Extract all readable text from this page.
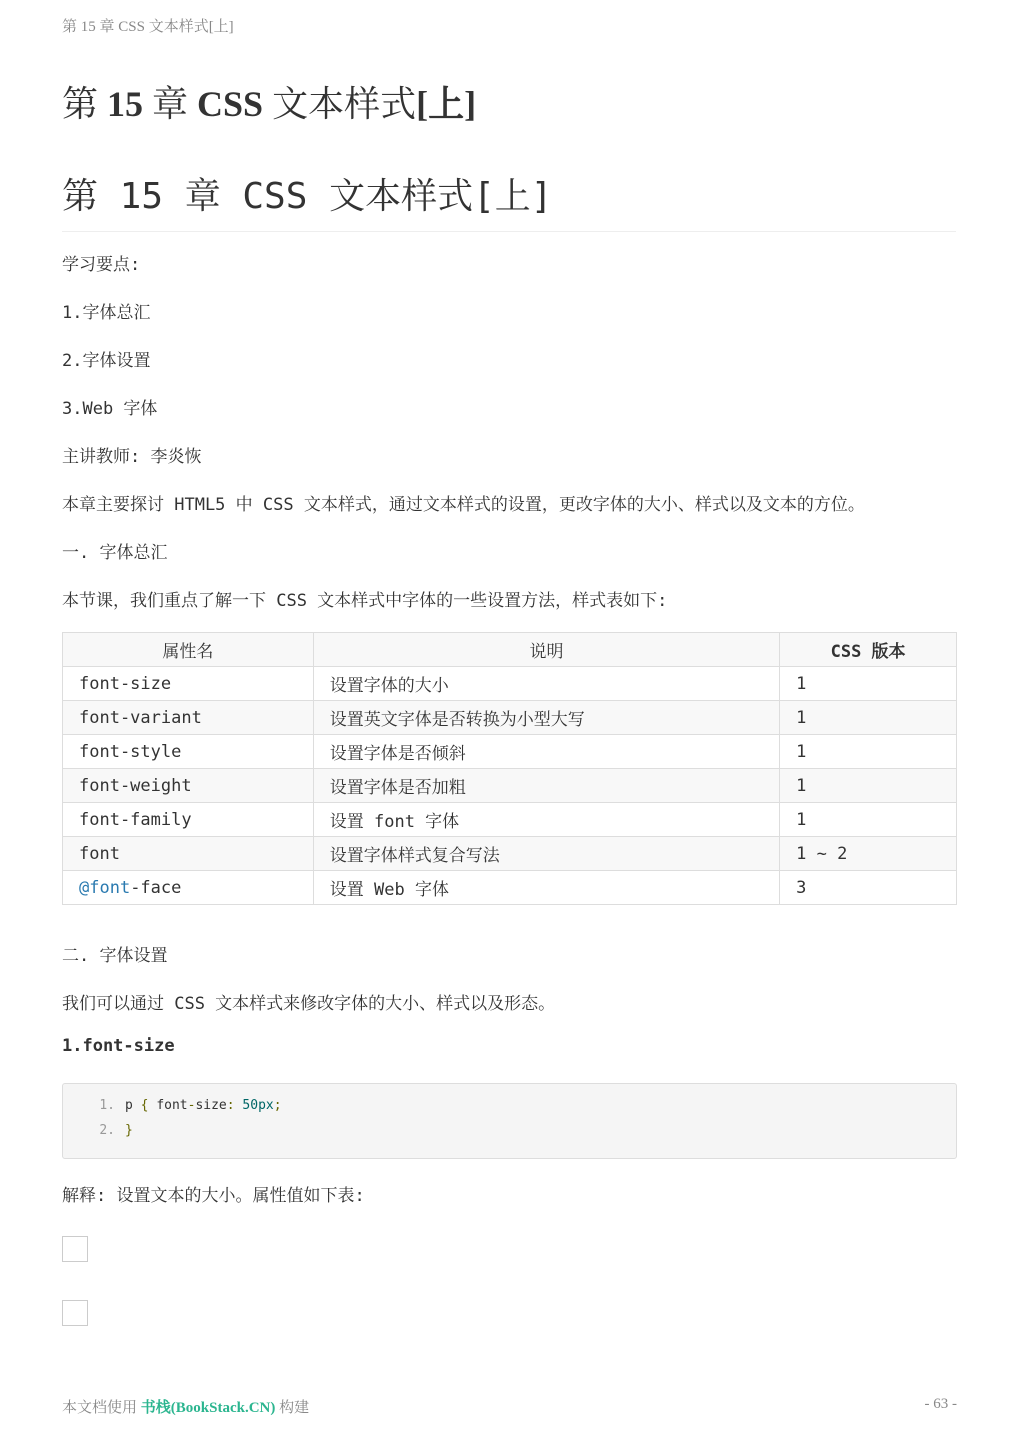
第 15 章 CSS 文本样式[上]
第 15 章 CSS 文本样式[上]
第 15 章 CSS 文本样式[上]

学习要点:

1.字体总汇

2.字体设置

3.Web 字体

主讲教师: 李炎恢

本章主要探讨 HTML5 中 CSS 文本样式，通过文本样式的设置，更改字体的大小、样式以及文本的方位。

一. 字体总汇

本节课，我们重点了解一下 CSS 文本样式中字体的一些设置方法，样式表如下:

属性名	说明	CSS 版本
font-size	设置字体的大小	1
font-variant	设置英文字体是否转换为小型大写	1
font-style	设置字体是否倾斜	1
font-weight	设置字体是否加粗	1
font-family	设置 font 字体	1
font	设置字体样式复合写法	1 ~ 2
@font-face	设置 Web 字体	3

二. 字体设置

我们可以通过 CSS 文本样式来修改字体的大小、样式以及形态。

1.font-size
1. p { font-size: 50px;
2. }

解释: 设置文本的大小。属性值如下表:

本文档使用 书栈(BookStack.CN) 构建	- 63 -
